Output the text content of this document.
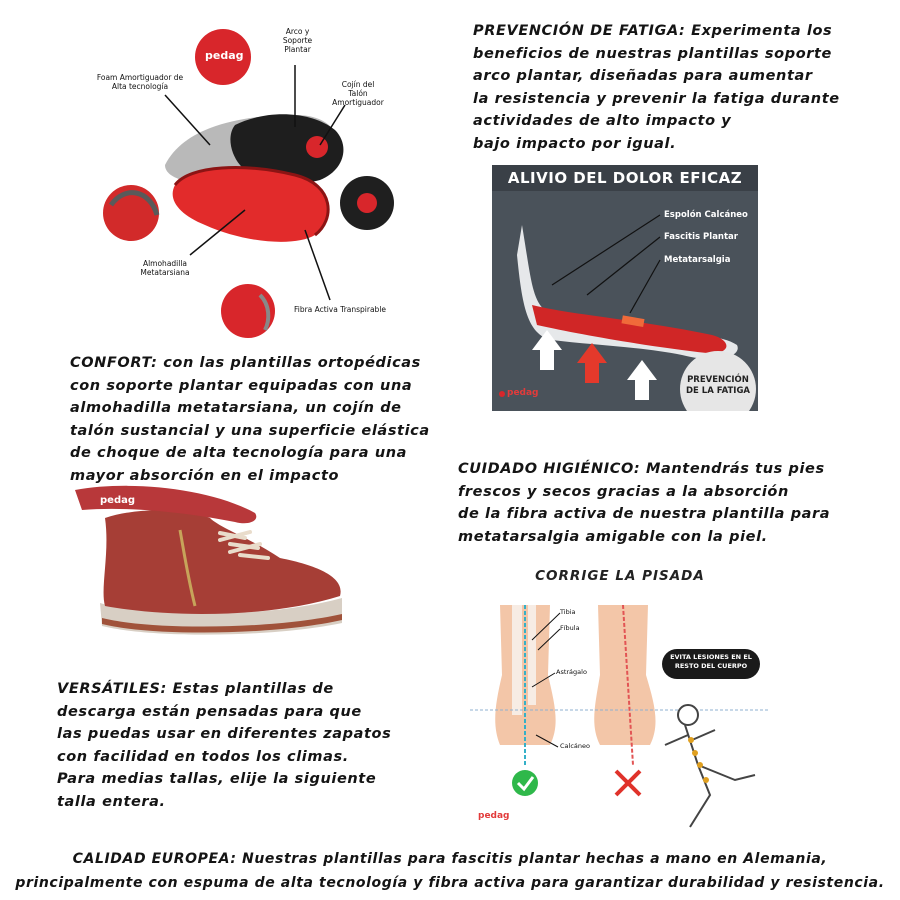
pedag
Foam Amortiguador de
Alta tecnología
Arco y
Soporte
Plantar
Cojín del
Talón
Amortiguador
Almohadilla
Metatarsiana
Fibra Activa Transpirable
PREVENCIÓN DE FATIGA: Experimenta los
beneficios de nuestras plantillas soporte
arco plantar, diseñadas para aumentar
la resistencia y prevenir la fatiga durante
actividades de alto impacto y
bajo impacto por igual.
CONFORT: con las plantillas ortopédicas
con soporte plantar equipadas con una
almohadilla metatarsiana, un cojín de
talón sustancial y una superficie elástica
de choque de alta tecnología para una
mayor absorción en el impacto	CUIDADO HIGIÉNICO: Mantendrás tus pies
frescos y secos gracias a la absorción
de la fibra activa de nuestra plantilla para
metatarsalgia amigable con la piel.
VERSÁTILES: Estas plantillas de
descarga están pensadas para que
las puedas usar en diferentes zapatos
con facilidad en todos los climas.
Para medias tallas, elije la siguiente
talla entera.
CALIDAD EUROPEA: Nuestras plantillas para fascitis plantar hechas a mano en Alemania,
principalmente con espuma de alta tecnología y fibra activa para garantizar durabilidad y resistencia.
ALIVIO DEL DOLOR EFICAZ
Espolón Calcáneo
Fascitis Plantar
Metatarsalgia
PREVENCIÓN
DE LA FATIGA
pedag
pedag
CORRIGE LA PISADA
Tibia
Fíbula
Astrágalo
Calcáneo
EVITA LESIONES EN EL
RESTO DEL CUERPO
pedag
